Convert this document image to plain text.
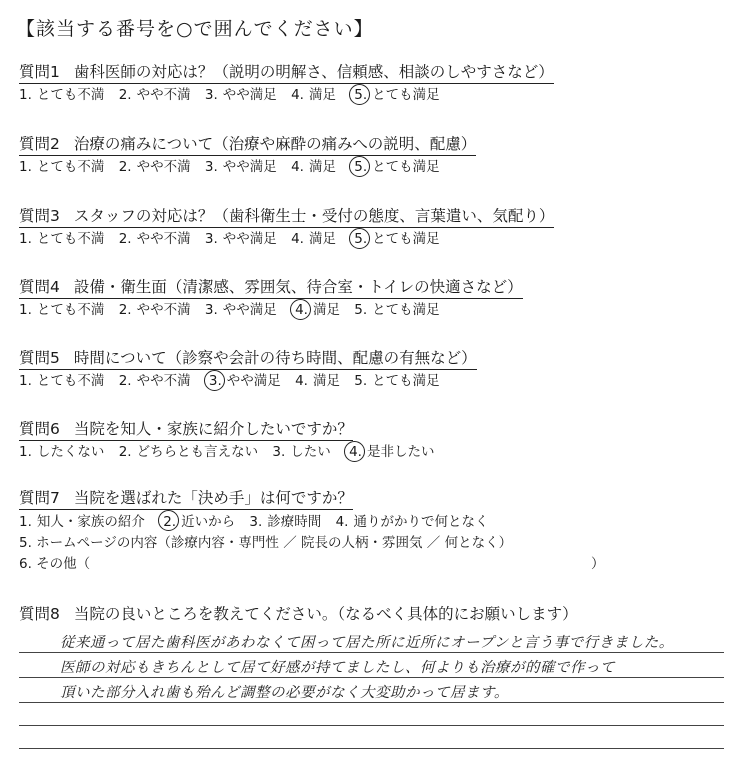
【該当する番号を○で囲んでください】
質問1 歯科医師の対応は？（説明の明解さ、信頼感、相談のしやすさなど）
1. とても不満 2. やや不満 3. やや満足 4. 満足 5. とても満足
質問2 治療の痛みについて（治療や麻酔の痛みへの説明、配慮）
1. とても不満 2. やや不満 3. やや満足 4. 満足 5. とても満足
質問3 スタッフの対応は？（歯科衛生士・受付の態度、言葉遣い、気配り）
1. とても不満 2. やや不満 3. やや満足 4. 満足 5. とても満足
質問4 設備・衛生面（清潔感、雰囲気、待合室・トイレの快適さなど）
1. とても不満 2. やや不満 3. やや満足 4. 満足 5. とても満足
質問5 時間について（診察や会計の待ち時間、配慮の有無など）
1. とても不満 2. やや不満 3. やや満足 4. 満足 5. とても満足
質問6 当院を知人・家族に紹介したいですか？
1. したくない 2. どちらとも言えない 3. したい 4. 是非したい
質問7 当院を選ばれた「決め手」は何ですか？
1. 知人・家族の紹介 2. 近いから 3. 診療時間 4. 通りがかりで何となく
5. ホームページの内容（診療内容・専門性 ／ 院長の人柄・雰囲気 ／ 何となく）
6. その他（	）
質問8 当院の良いところを教えてください。（なるべく具体的にお願いします）
従来通って居た歯科医があわなくて困って居た所に近所にオープンと言う事で行きました。
医師の対応もきちんとして居て好感が持てましたし、何よりも治療が的確で作って
頂いた部分入れ歯も殆んど調整の必要がなく大変助かって居ます。
